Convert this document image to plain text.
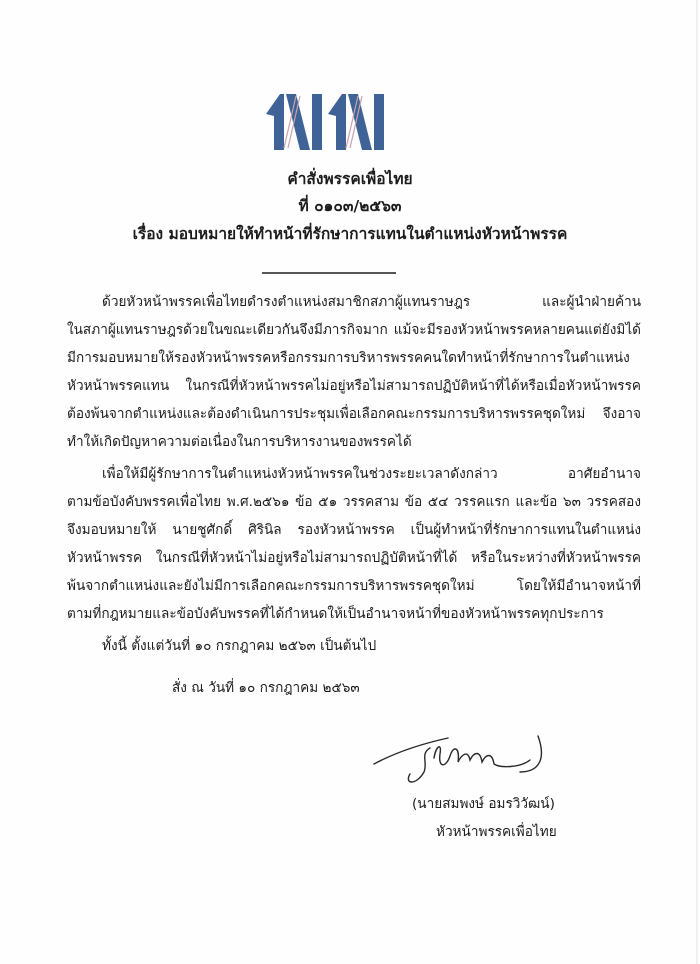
คำสั่งพรรคเพื่อไทย
ที่ ๐๑๐๓/๒๕๖๓
เรื่อง มอบหมายให้ทำหน้าที่รักษาการแทนในตำแหน่งหัวหน้าพรรค
ด้วยหัวหน้าพรรคเพื่อไทยดำรงตำแหน่งสมาชิกสภาผู้แทนราษฎร และผู้นำฝ่ายค้าน
ในสภาผู้แทนราษฎรด้วยในขณะเดียวกันจึงมีภารกิจมาก แม้จะมีรองหัวหน้าพรรคหลายคนแต่ยังมิได้
มีการมอบหมายให้รองหัวหน้าพรรคหรือกรรมการบริหารพรรคคนใดทำหน้าที่รักษาการในตำแหน่ง
หัวหน้าพรรคแทน ในกรณีที่หัวหน้าพรรคไม่อยู่หรือไม่สามารถปฏิบัติหน้าที่ได้หรือเมื่อหัวหน้าพรรค
ต้องพ้นจากตำแหน่งและต้องดำเนินการประชุมเพื่อเลือกคณะกรรมการบริหารพรรคชุดใหม่ จึงอาจ
ทำให้เกิดปัญหาความต่อเนื่องในการบริหารงานของพรรคได้
เพื่อให้มีผู้รักษาการในตำแหน่งหัวหน้าพรรคในช่วงระยะเวลาดังกล่าว อาศัยอำนาจ
ตามข้อบังคับพรรคเพื่อไทย พ.ศ.๒๕๖๑ ข้อ ๕๑ วรรคสาม ข้อ ๕๔ วรรคแรก และข้อ ๖๓ วรรคสอง
จึงมอบหมายให้ นายชูศักดิ์ ศิรินิล รองหัวหน้าพรรค เป็นผู้ทำหน้าที่รักษาการแทนในตำแหน่ง
หัวหน้าพรรค ในกรณีที่หัวหน้าไม่อยู่หรือไม่สามารถปฏิบัติหน้าที่ได้ หรือในระหว่างที่หัวหน้าพรรค
พ้นจากตำแหน่งและยังไม่มีการเลือกคณะกรรมการบริหารพรรคชุดใหม่ โดยให้มีอำนาจหน้าที่
ตามที่กฎหมายและข้อบังคับพรรคที่ได้กำหนดให้เป็นอำนาจหน้าที่ของหัวหน้าพรรคทุกประการ
ทั้งนี้ ตั้งแต่วันที่ ๑๐ กรกฎาคม ๒๕๖๓ เป็นต้นไป
สั่ง ณ วันที่ ๑๐ กรกฎาคม ๒๕๖๓
(นายสมพงษ์ อมรวิวัฒน์)
หัวหน้าพรรคเพื่อไทย
